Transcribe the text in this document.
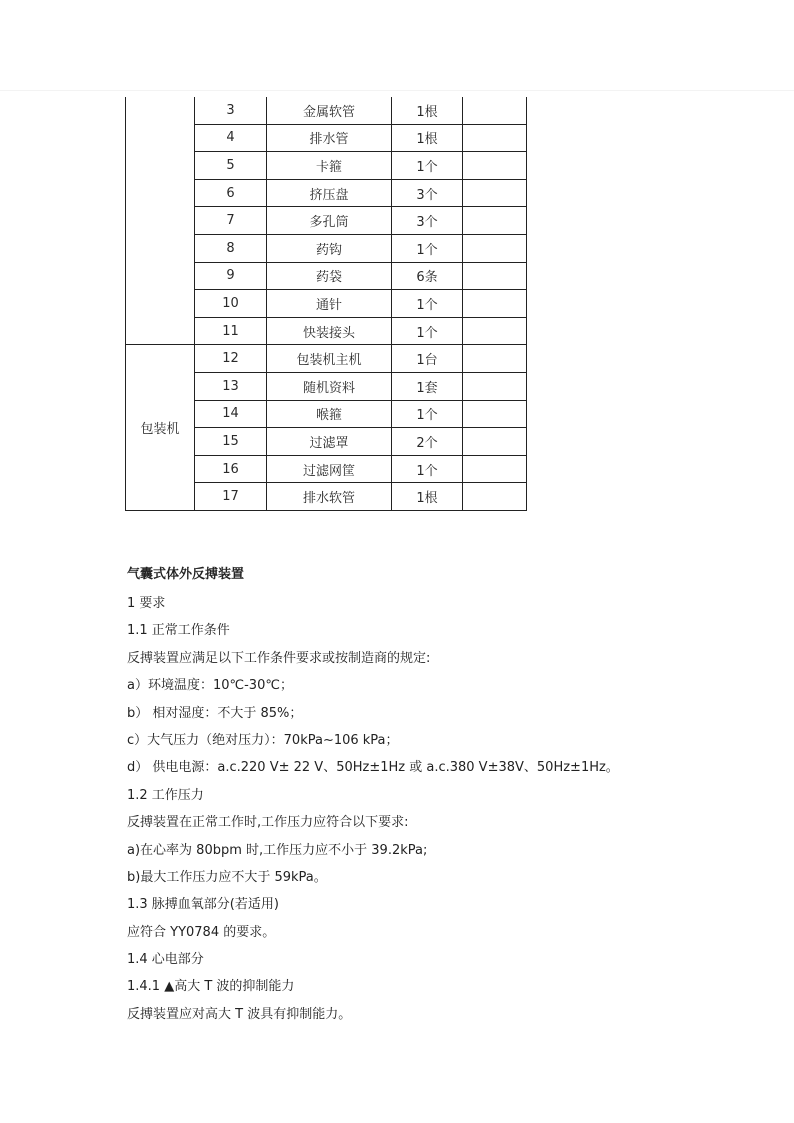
	3	金属软管	1根	
	4	排水管	1根	
	5	卡箍	1个	
	6	挤压盘	3个	
	7	多孔筒	3个	
	8	药钩	1个	
	9	药袋	6条	
	10	通针	1个	
	11	快装接头	1个	
包装机	12	包装机主机	1台	
	13	随机资料	1套	
	14	喉箍	1个	
	15	过滤罩	2个	
	16	过滤网筐	1个	
	17	排水软管	1根	
气囊式体外反搏装置
1 要求
1.1 正常工作条件
反搏装置应满足以下工作条件要求或按制造商的规定:
a）环境温度：10℃-30℃；
b） 相对湿度：不大于 85%；
c）大气压力（绝对压力）：70kPa~106 kPa；
d） 供电电源：a.c.220 V± 22 V、50Hz±1Hz 或 a.c.380 V±38V、50Hz±1Hz。
1.2 工作压力
反搏装置在正常工作时,工作压力应符合以下要求:
a)在心率为 80bpm 时,工作压力应不小于 39.2kPa;
b)最大工作压力应不大于 59kPa。
1.3 脉搏血氧部分(若适用)
应符合 YY0784 的要求。
1.4 心电部分
1.4.1 ▲高大 T 波的抑制能力
反搏装置应对高大 T 波具有抑制能力。
